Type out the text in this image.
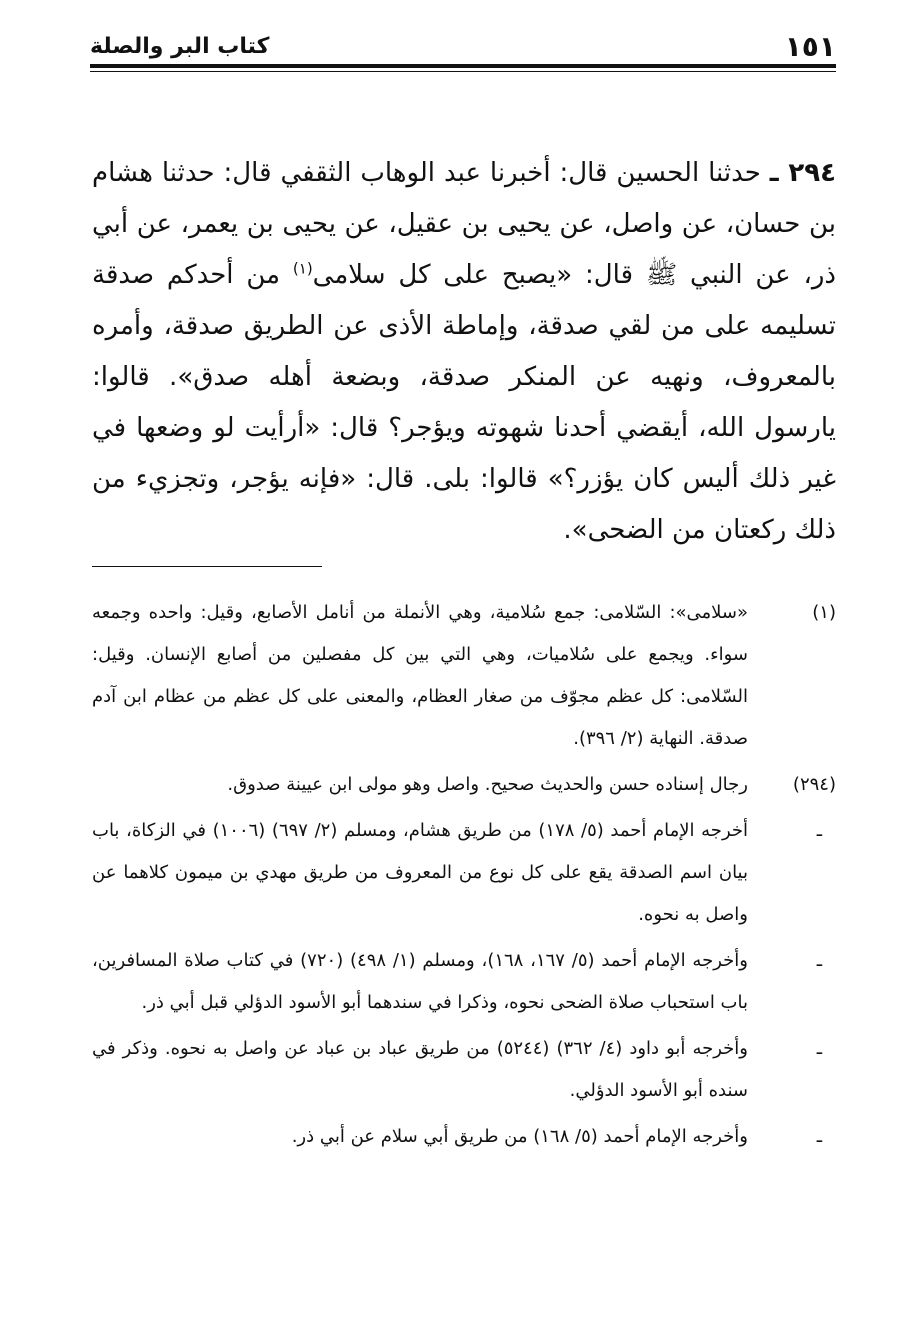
١٥١
كتاب البر والصلة
٢٩٤ ـ حدثنا الحسين قال: أخبرنا عبد الوهاب الثقفي قال: حدثنا هشام بن حسان، عن واصل، عن يحيى بن عقيل، عن يحيى بن يعمر، عن أبي ذر، عن النبي ﷺ قال: «يصبح على كل سلامى$^{(١)}$ من أحدكم صدقة تسليمه على من لقي صدقة، وإماطة الأذى عن الطريق صدقة، وأمره بالمعروف، ونهيه عن المنكر صدقة، وبضعة أهله صدق». قالوا: يارسول الله، أيقضي أحدنا شهوته ويؤجر؟ قال: «أرأيت لو وضعها في غير ذلك أليس كان يؤزر؟» قالوا: بلى. قال: «فإنه يؤجر، وتجزيء من ذلك ركعتان من الضحى».
(١)
«سلامى»: السّلامى: جمع سُلامية، وهي الأنملة من أنامل الأصابع، وقيل: واحده وجمعه سواء. ويجمع على سُلاميات، وهي التي بين كل مفصلين من أصابع الإنسان. وقيل: السّلامى: كل عظم مجوّف من صغار العظام، والمعنى على كل عظم من عظام ابن آدم صدقة. النهاية (٢/ ٣٩٦).
(٢٩٤)
رجال إسناده حسن والحديث صحيح. واصل وهو مولى ابن عيينة صدوق.
ـ
أخرجه الإمام أحمد (٥/ ١٧٨) من طريق هشام، ومسلم (٢/ ٦٩٧) (١٠٠٦) في الزكاة، باب بيان اسم الصدقة يقع على كل نوع من المعروف من طريق مهدي بن ميمون كلاهما عن واصل به نحوه.
ـ
وأخرجه الإمام أحمد (٥/ ١٦٧، ١٦٨)، ومسلم (١/ ٤٩٨) (٧٢٠) في كتاب صلاة المسافرين، باب استحباب صلاة الضحى نحوه، وذكرا في سندهما أبو الأسود الدؤلي قبل أبي ذر.
ـ
وأخرجه أبو داود (٤/ ٣٦٢) (٥٢٤٤) من طريق عباد بن عباد عن واصل به نحوه. وذكر في سنده أبو الأسود الدؤلي.
ـ
وأخرجه الإمام أحمد (٥/ ١٦٨) من طريق أبي سلام عن أبي ذر.
